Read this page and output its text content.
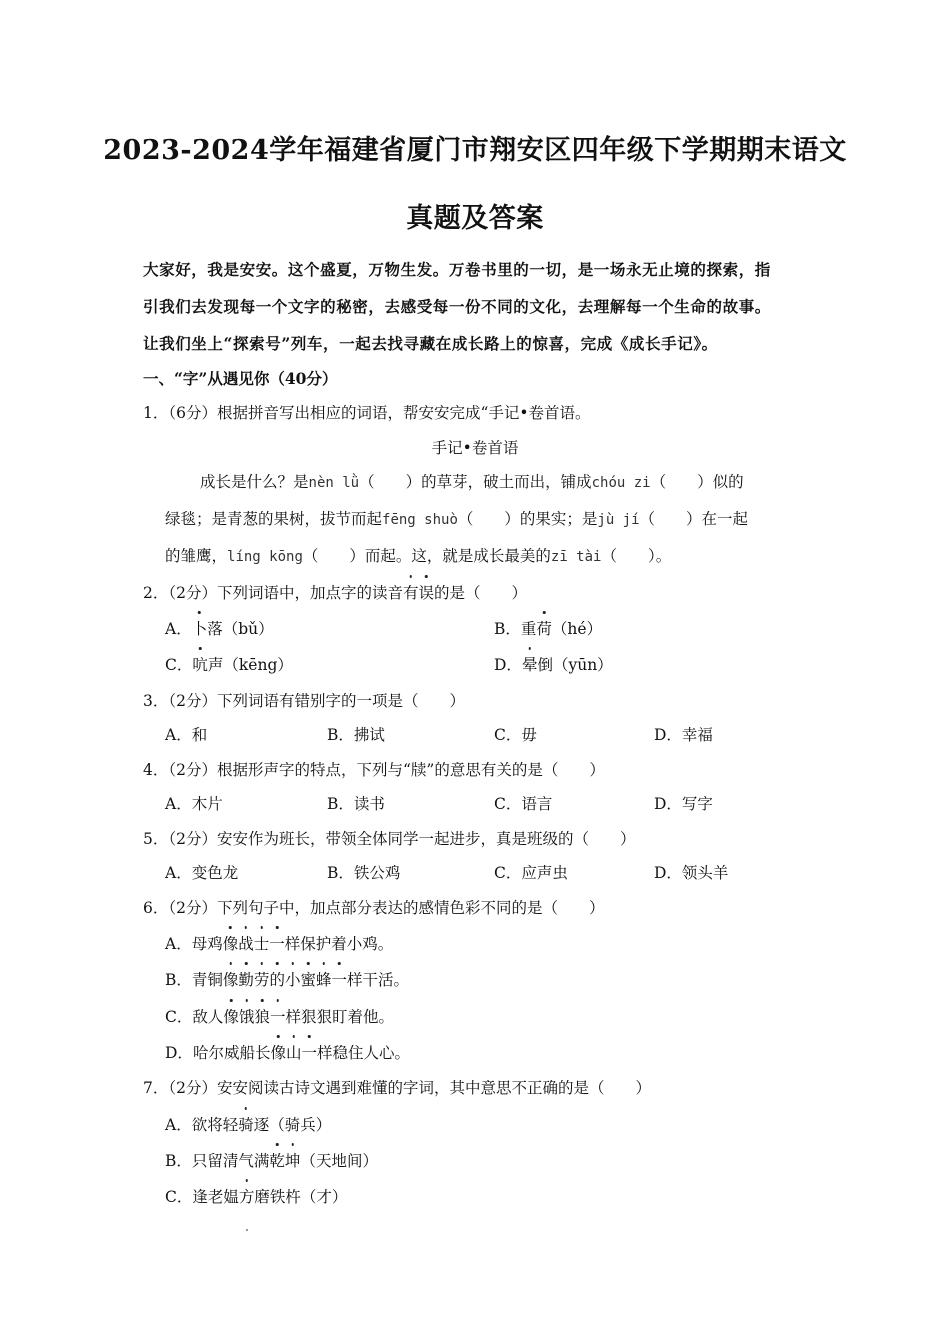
2023-2024学年福建省厦门市翔安区四年级下学期期末语文
真题及答案
大家好，我是安安。这个盛夏，万物生发。万卷书里的一切，是一场永无止境的探索，指
引我们去发现每一个文字的秘密，去感受每一份不同的文化，去理解每一个生命的故事。
让我们坐上“探索号”列车，一起去找寻藏在成长路上的惊喜，完成《成长手记》。
一、“字”从遇见你（40分）
1．（6分）根据拼音写出相应的词语，帮安安完成“手记•卷首语。
手记•卷首语
成长是什么？是nèn lǜ（　　）的草芽，破土而出，铺成chóu zi（　　）似的
绿毯；是青葱的果树，拔节而起fēng shuò（　　）的果实；是jù jí（　　）在一起
的雏鹰，líng kōng（　　）而起。这，就是成长最美的zī tài（　　）。
2．（2分）下列词语中，加点字的读音有误的是（　　）
A．卜落（bǔ）	B．重荷（hé）
C．吭声（kēng）	D．晕倒（yūn）
3．（2分）下列词语有错别字的一项是（　　）
A．和	B．拂试	C．毋	D．幸福
4．（2分）根据形声字的特点，下列与“牍”的意思有关的是（　　）
A．木片	B．读书	C．语言	D．写字
5．（2分）安安作为班长，带领全体同学一起进步，真是班级的（　　）
A．变色龙	B．铁公鸡	C．应声虫	D．领头羊
6．（2分）下列句子中，加点部分表达的感情色彩不同的是（　　）
A．母鸡像战士一样保护着小鸡。
B．青铜像勤劳的小蜜蜂一样干活。
C．敌人像饿狼一样狠狠盯着他。
D．哈尔威船长像山一样稳住人心。
7．（2分）安安阅读古诗文遇到难懂的字词，其中意思不正确的是（　　）
A．欲将轻骑逐（骑兵）
B．只留清气满乾坤（天地间）
C．逢老媪方磨铁杵（才）
